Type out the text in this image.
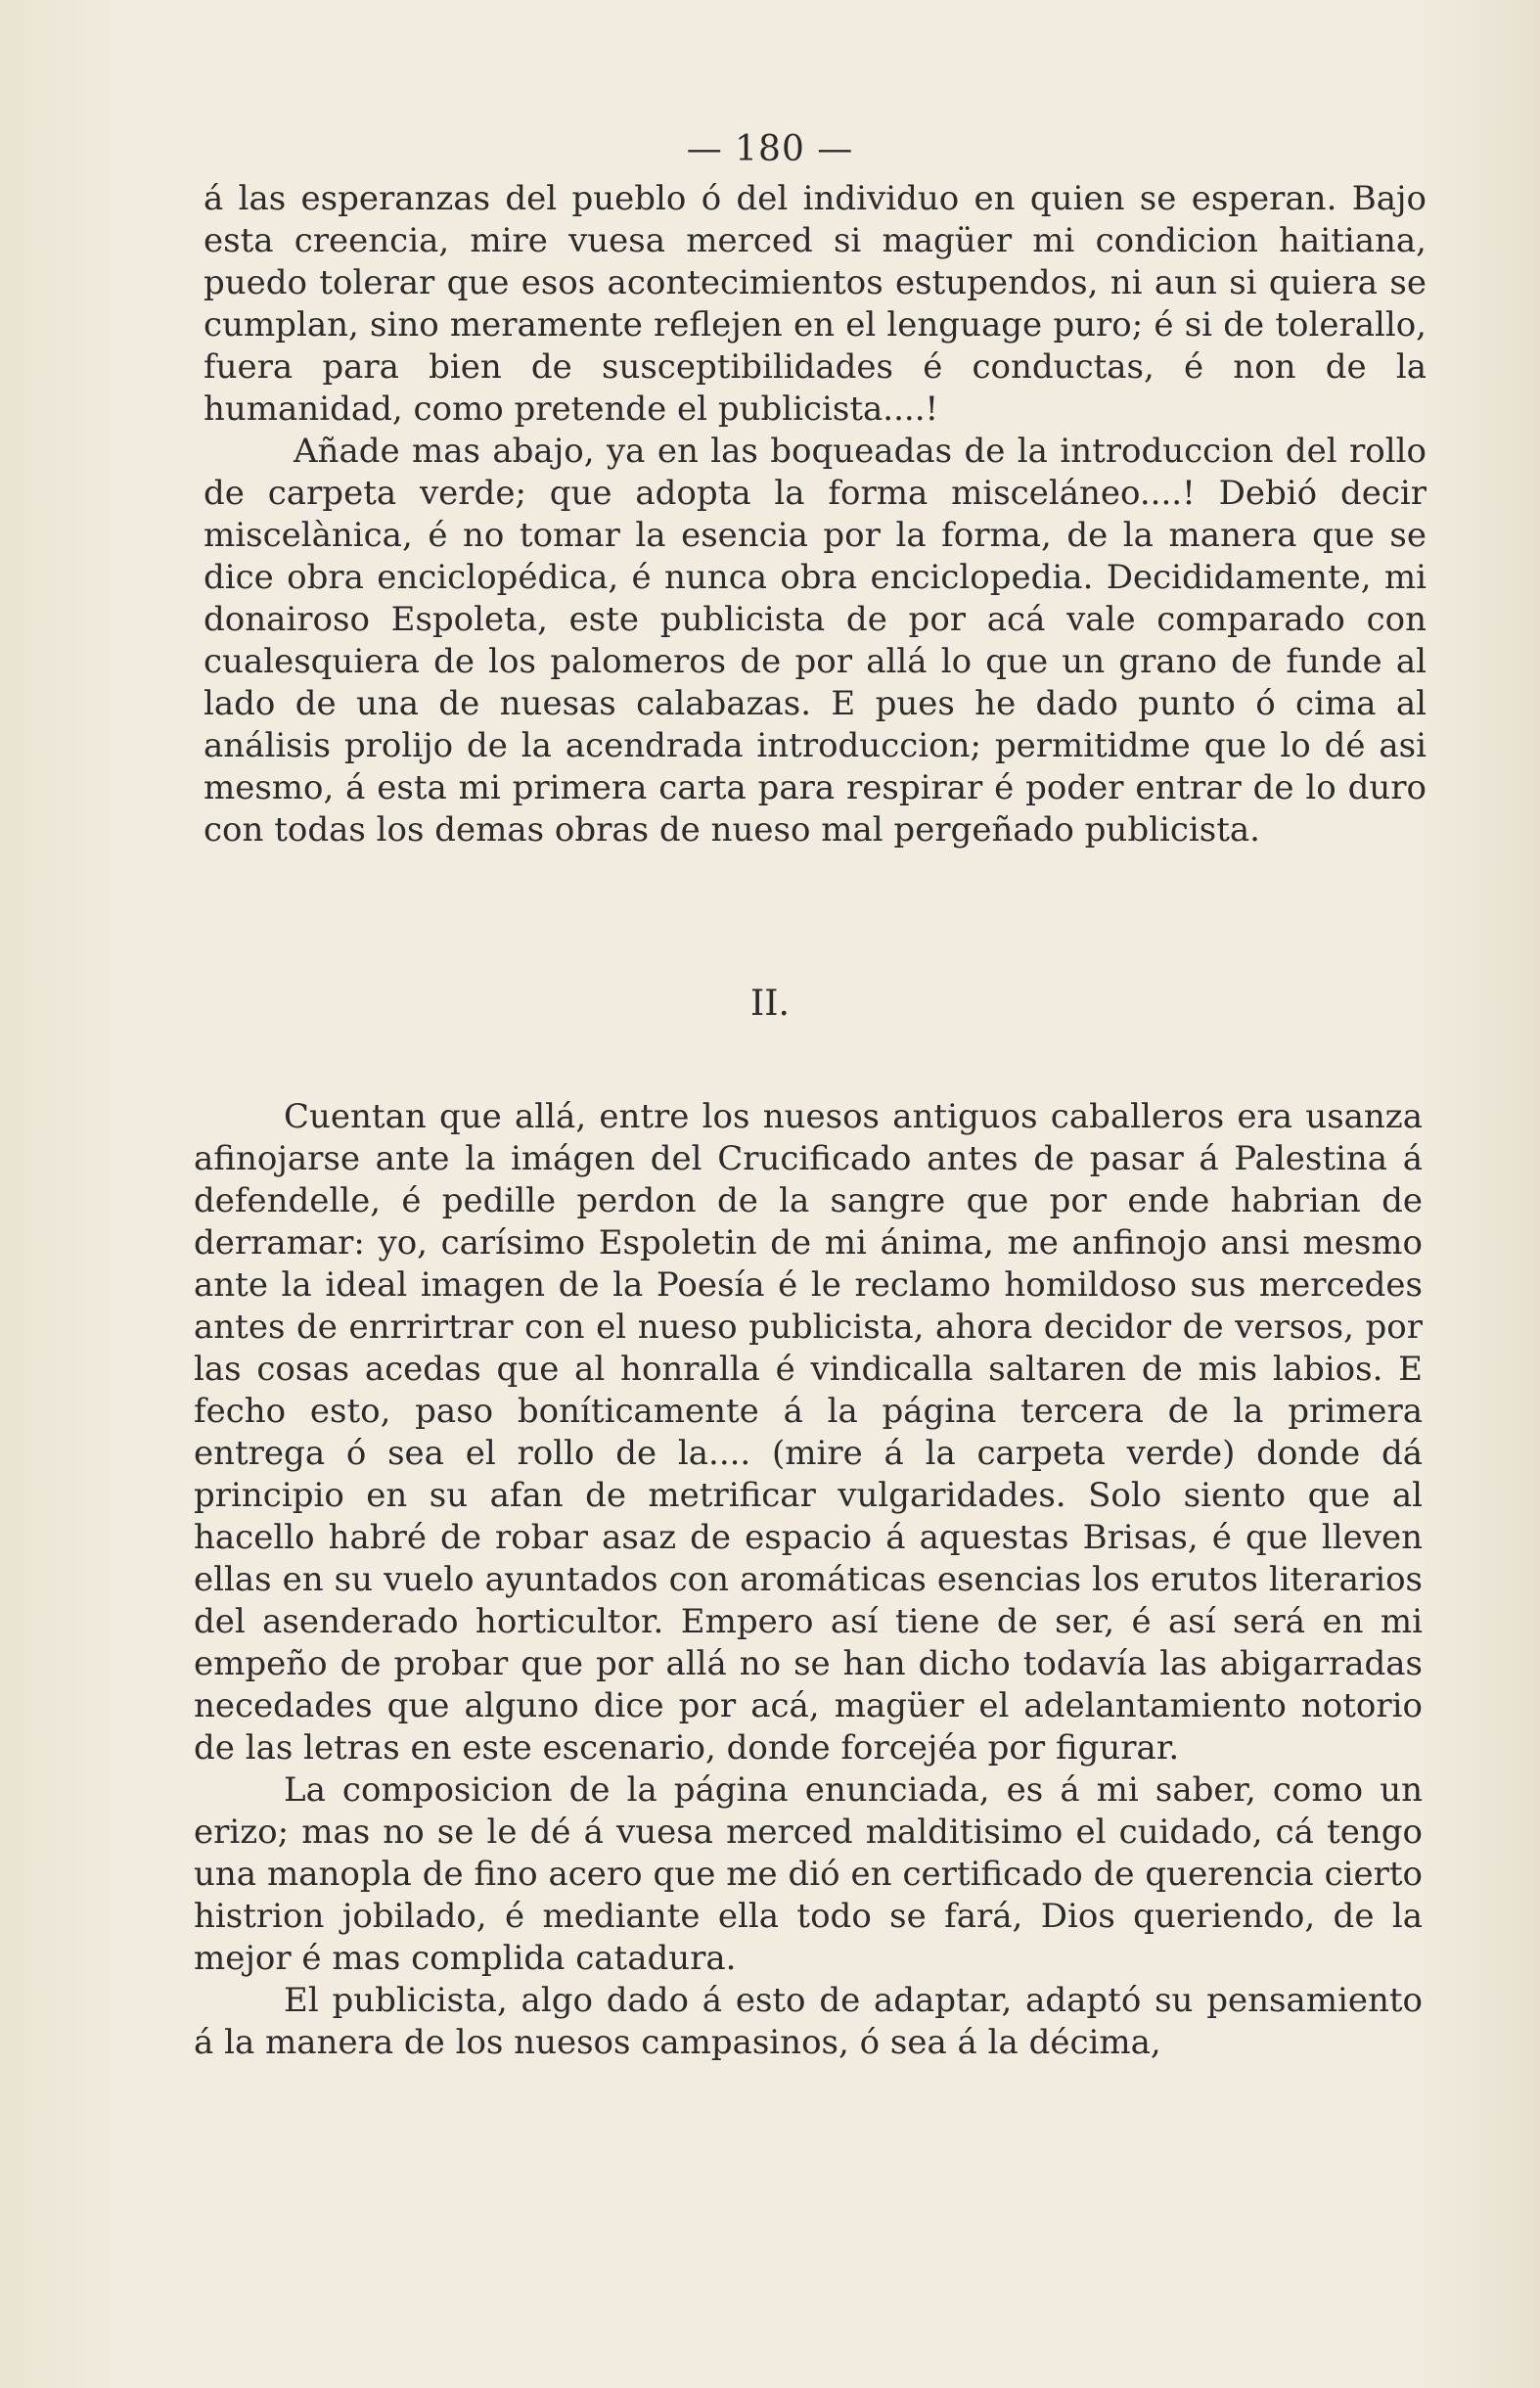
— 180 —

á las esperanzas del pueblo ó del individuo en quien se esperan. Bajo esta creencia, mire vuesa merced si magüer mi condicion haitiana, puedo tolerar que esos acontecimientos estupendos, ni aun si quiera se cumplan, sino meramente reflejen en el lenguage puro; é si de tolerallo, fuera para bien de susceptibilidades é conductas, é non de la humanidad, como pretende el publicista....!

Añade mas abajo, ya en las boqueadas de la introduccion del rollo de carpeta verde; que adopta la forma misceláneo....! Debió decir miscelànica, é no tomar la esencia por la forma, de la manera que se dice obra enciclopédica, é nunca obra enciclopedia. Decididamente, mi donairoso Espoleta, este publicista de por acá vale comparado con cualesquiera de los palomeros de por allá lo que un grano de funde al lado de una de nuesas calabazas. E pues he dado punto ó cima al análisis prolijo de la acendrada introduccion; permitidme que lo dé asi mesmo, á esta mi primera carta para respirar é poder entrar de lo duro con todas los demas obras de nueso mal pergeñado publicista.

II.

Cuentan que allá, entre los nuesos antiguos caballeros era usanza afinojarse ante la imágen del Crucificado antes de pasar á Palestina á defendelle, é pedille perdon de la sangre que por ende habrian de derramar: yo, carísimo Espoletin de mi ánima, me anfinojo ansi mesmo ante la ideal imagen de la Poesía é le reclamo homildoso sus mercedes antes de enrrirtrar con el nueso publicista, ahora decidor de versos, por las cosas acedas que al honralla é vindicalla saltaren de mis labios. E fecho esto, paso boníticamente á la página tercera de la primera entrega ó sea el rollo de la.... (mire á la carpeta verde) donde dá principio en su afan de metrificar vulgaridades. Solo siento que al hacello habré de robar asaz de espacio á aquestas Brisas, é que lleven ellas en su vuelo ayuntados con aromáticas esencias los erutos literarios del asenderado horticultor. Empero así tiene de ser, é así será en mi empeño de probar que por allá no se han dicho todavía las abigarradas necedades que alguno dice por acá, magüer el adelantamiento notorio de las letras en este escenario, donde forcejéa por figurar.

La composicion de la página enunciada, es á mi saber, como un erizo; mas no se le dé á vuesa merced malditisimo el cuidado, cá tengo una manopla de fino acero que me dió en certificado de querencia cierto histrion jobilado, é mediante ella todo se fará, Dios queriendo, de la mejor é mas complida catadura.

El publicista, algo dado á esto de adaptar, adaptó su pensamiento á la manera de los nuesos campasinos, ó sea á la décima,
